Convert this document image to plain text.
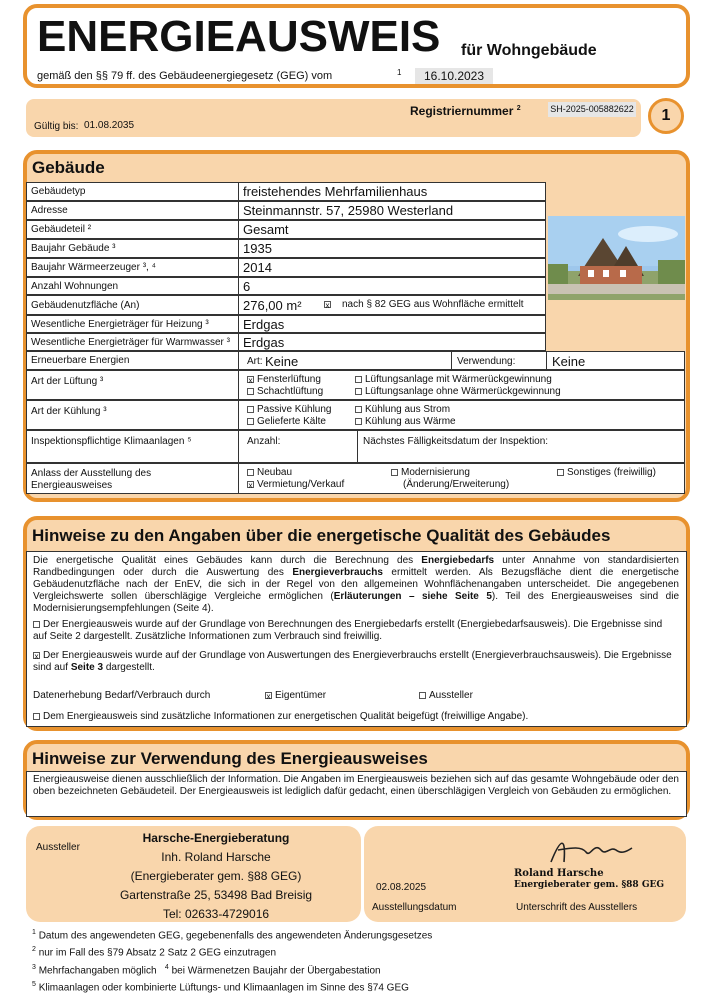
ENERGIEAUSWEIS für Wohngebäude
gemäß den §§ 79 ff. des Gebäudeenergiegesetz (GEG) vom	1	16.10.2023
Registriernummer $^2$	SH-2025-005882622
Gültig bis: 01.08.2035
1
Gebäude
Gebäudetyp	freistehendes Mehrfamilienhaus
Adresse	Steinmannstr. 57, 25980 Westerland
Gebäudeteil ²	Gesamt
Baujahr Gebäude ³	1935
Baujahr Wärmeerzeuger ³, ⁴	2014
Anzahl Wohnungen	6
Gebäudenutzfläche (An)	276,00 m²
Wesentliche Energieträger für Heizung ³	Erdgas
Wesentliche Energieträger für Warmwasser ³	Erdgas
x nach § 82 GEG aus Wohnfläche ermittelt
Erneuerbare Energien	Art: Keine	Verwendung:	Keine
Art der Lüftung ³	x Fensterlüftung	Lüftungsanlage mit Wärmerückgewinnung
Schachtlüftung	Lüftungsanlage ohne Wärmerückgewinnung
Art der Kühlung ³	Passive Kühlung	Kühlung aus Strom
Gelieferte Kälte	Kühlung aus Wärme
Inspektionspflichtige Klimaanlagen ⁵	Anzahl:	Nächstes Fälligkeitsdatum der Inspektion:
Anlass der Ausstellung des Energieausweises
Neubau	Modernisierung	Sonstiges (freiwillig)
x Vermietung/Verkauf	(Änderung/Erweiterung)
Hinweise zu den Angaben über die energetische Qualität des Gebäudes
Die energetische Qualität eines Gebäudes kann durch die Berechnung des Energiebedarfs unter Annahme von standardisierten Randbedingungen oder durch die Auswertung des Energieverbrauchs ermittelt werden. Als Bezugsfläche dient die energetische Gebäudenutzfläche nach der EnEV, die sich in der Regel von den allgemeinen Wohnflächenangaben unterscheidet. Die angegebenen Vergleichswerte sollen überschlägige Vergleiche ermöglichen (Erläuterungen – siehe Seite 5). Teil des Energieausweises sind die Modernisierungsempfehlungen (Seite 4).
Der Energieausweis wurde auf der Grundlage von Berechnungen des Energiebedarfs erstellt (Energiebedarfsausweis). Die Ergebnisse sind auf Seite 2 dargestellt. Zusätzliche Informationen zum Verbrauch sind freiwillig.
x Der Energieausweis wurde auf der Grundlage von Auswertungen des Energieverbrauchs erstellt (Energieverbrauchsausweis). Die Ergebnisse sind auf Seite 3 dargestellt.
Datenerhebung Bedarf/Verbrauch durch	x Eigentümer	Aussteller
Dem Energieausweis sind zusätzliche Informationen zur energetischen Qualität beigefügt (freiwillige Angabe).
Hinweise zur Verwendung des Energieausweises
Energieausweise dienen ausschließlich der Information. Die Angaben im Energieausweis beziehen sich auf das gesamte Wohngebäude oder den oben bezeichneten Gebäudeteil. Der Energieausweis ist lediglich dafür gedacht, einen überschlägigen Vergleich von Gebäuden zu ermöglichen.
Aussteller
Harsche-Energieberatung
Inh. Roland Harsche
(Energieberater gem. §88 GEG)
Gartenstraße 25, 53498 Bad Breisig
Tel: 02633-4729016
02.08.2025
Ausstellungsdatum
Roland Harsche
Energieberater gem. §88 GEG
Unterschrift des Ausstellers
$^1$ Datum des angewendeten GEG, gegebenenfalls des angewendeten Änderungsgesetzes
$^2$ nur im Fall des §79 Absatz 2 Satz 2 GEG einzutragen
$^3$ Mehrfachangaben möglich $^4$ bei Wärmenetzen Baujahr der Übergabestation
$^5$ Klimaanlagen oder kombinierte Lüftungs- und Klimaanlagen im Sinne des §74 GEG
